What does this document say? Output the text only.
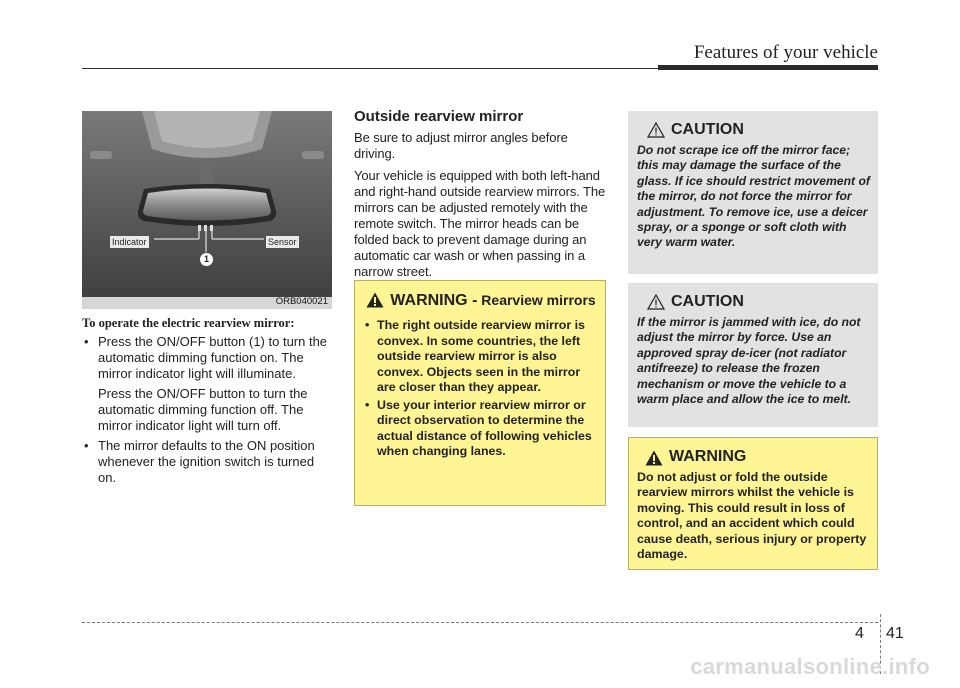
Features of your vehicle
Indicator	Sensor
ORB040021
1
To operate the electric rearview mirror:
• Press the ON/OFF button (1) to turn the automatic dimming function on. The mirror indicator light will illuminate.
Press the ON/OFF button to turn the automatic dimming function off. The mirror indicator light will turn off.
• The mirror defaults to the ON position whenever the ignition switch is turned on.
Outside rearview mirror
Be sure to adjust mirror angles before driving.
Your vehicle is equipped with both left-hand and right-hand outside rearview mirrors. The mirrors can be adjusted remotely with the remote switch. The mirror heads can be folded back to prevent damage during an automatic car wash or when passing in a narrow street.
WARNING - Rearview mirrors
• The right outside rearview mirror is convex. In some countries, the left outside rearview mirror is also convex. Objects seen in the mirror are closer than they appear.
• Use your interior rearview mirror or direct observation to determine the actual distance of following vehicles when changing lanes.
CAUTION
Do not scrape ice off the mirror face; this may damage the surface of the glass. If ice should restrict movement of the mirror, do not force the mirror for adjustment. To remove ice, use a deicer spray, or a sponge or soft cloth with very warm water.
CAUTION
If the mirror is jammed with ice, do not adjust the mirror by force. Use an approved spray de-icer (not radiator antifreeze) to release the frozen mechanism or move the vehicle to a warm place and allow the ice to melt.
WARNING
Do not adjust or fold the outside rearview mirrors whilst the vehicle is moving. This could result in loss of control, and an accident which could cause death, serious injury or property damage.
4 41
carmanualsonline.info
